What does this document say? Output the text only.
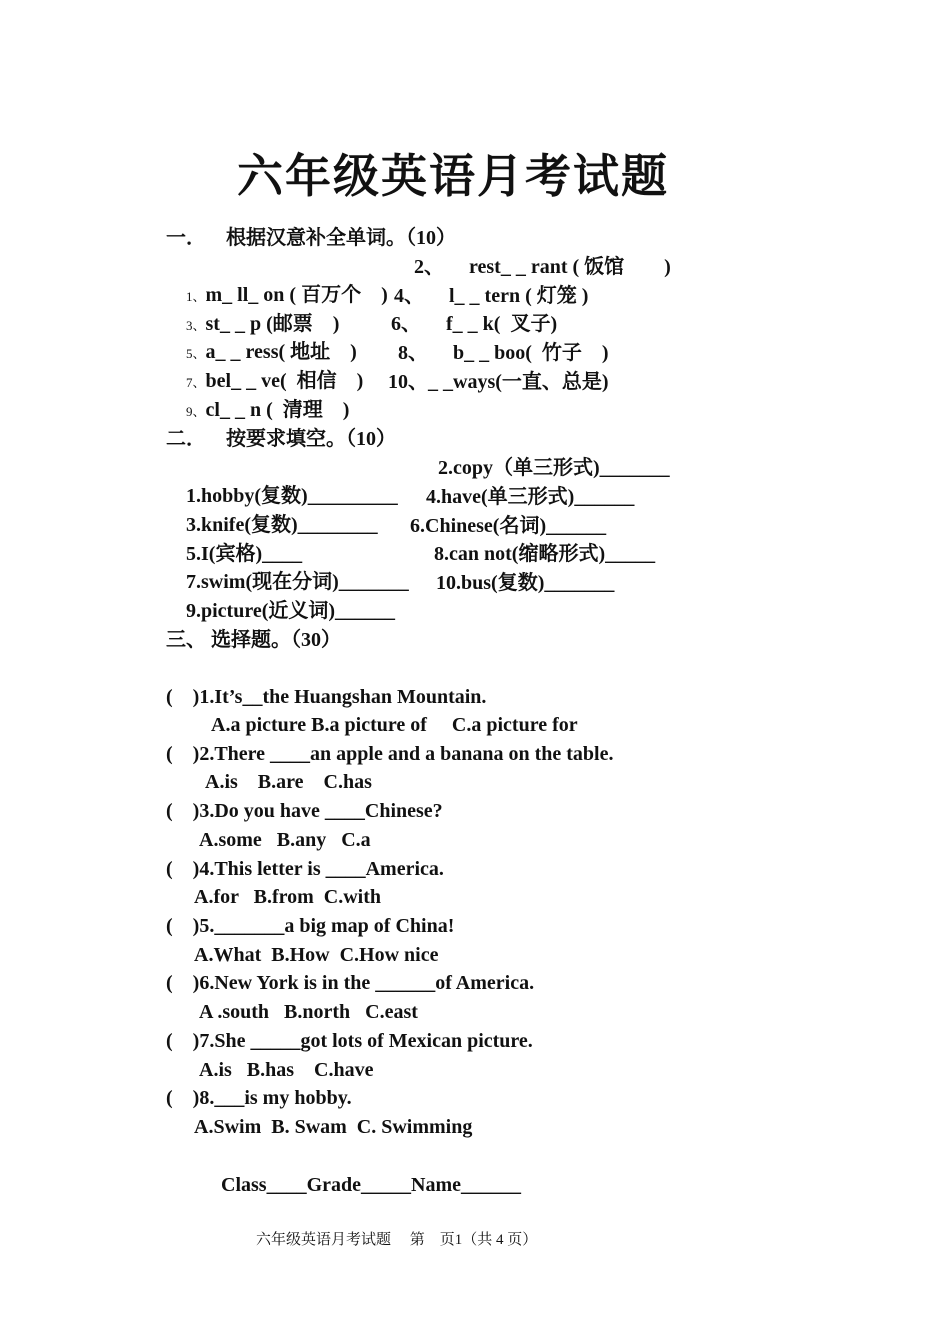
六年级英语月考试题
一．    根据汉意补全单词。（10）

1、m_ ll_ on ( 百万个    )

2、     rest_ _ rant ( 饭馆        )

3、st_ _ p (邮票    )

4、     l_ _ tern ( 灯笼 )

5、a_ _ ress( 地址    )

6、     f_ _ k(  叉子)

7、bel_ _ ve(  相信    )

8、     b_ _ boo(  竹子    )

9、cl_ _ n (  清理    )

10、_ _ways(一直、总是)

二．    按要求填空。（10）

1.hobby(复数)_________

2.copy（单三形式)_______

3.knife(复数)________

4.have(单三形式)______

5.I(宾格)____

6.Chinese(名词)______

7.swim(现在分词)_______

8.can not(缩略形式)_____

9.picture(近义词)______

10.bus(复数)_______

三、 选择题。（30）
(    )1.It’s__the Huangshan Mountain.
A.a picture B.a picture of     C.a picture for
(    )2.There ____an apple and a banana on the table.
A.is    B.are    C.has
(    )3.Do you have ____Chinese?
A.some   B.any   C.a
(    )4.This letter is ____America.
A.for   B.from  C.with
(    )5._______a big map of China!
A.What  B.How  C.How nice
(    )6.New York is in the ______of America.
A .south   B.north   C.east
(    )7.She _____got lots of Mexican picture.
A.is   B.has    C.have
(    )8.___is my hobby.
A.Swim  B. Swam  C. Swimming
Class____Grade_____Name______
六年级英语月考试题     第    页1（共 4 页）
